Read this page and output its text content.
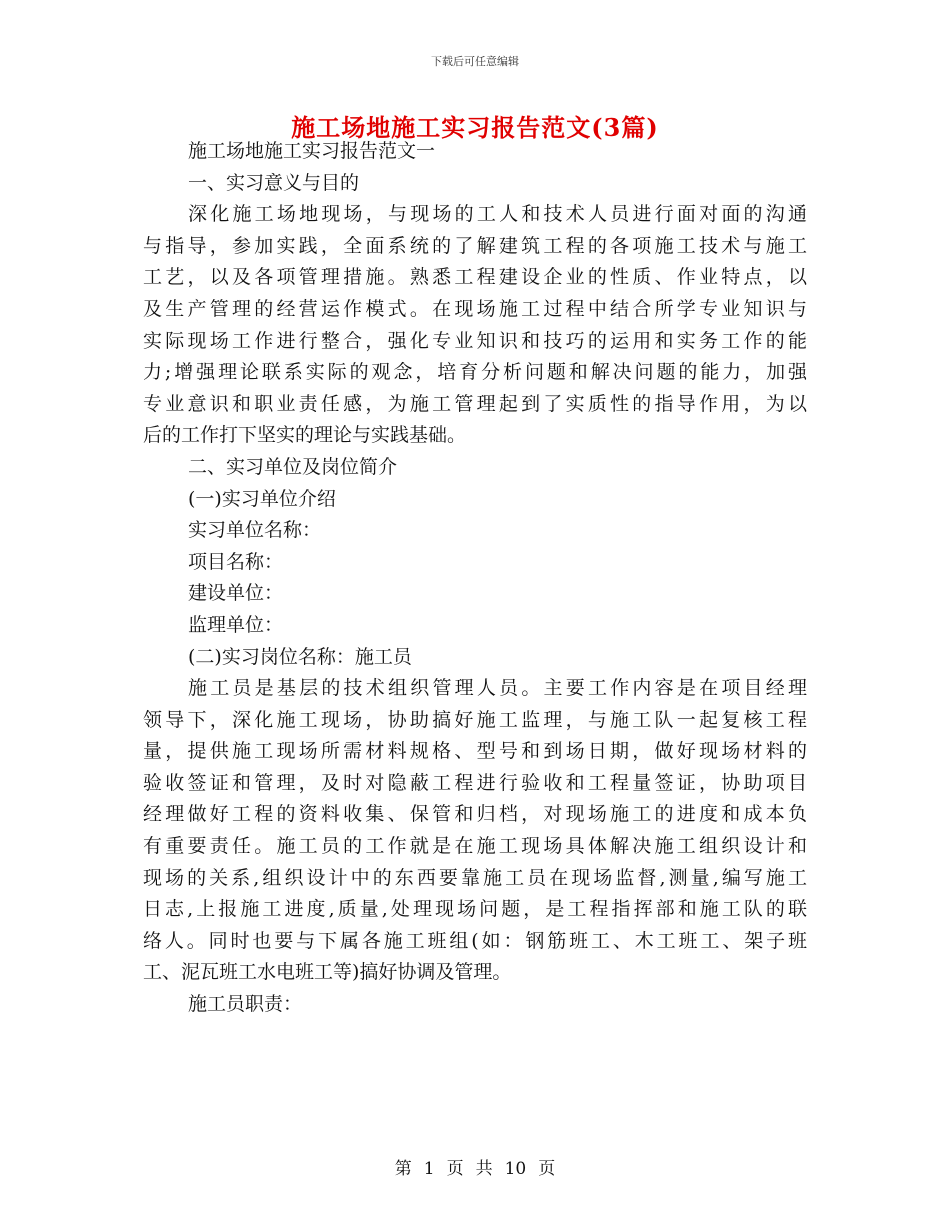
下载后可任意编辑
施工场地施工实习报告范文(3篇)
施工场地施工实习报告范文一
一、实习意义与目的
深化施工场地现场，与现场的工人和技术人员进行面对面的沟通
与指导，参加实践，全面系统的了解建筑工程的各项施工技术与施工
工艺，以及各项管理措施。熟悉工程建设企业的性质、作业特点，以
及生产管理的经营运作模式。在现场施工过程中结合所学专业知识与
实际现场工作进行整合，强化专业知识和技巧的运用和实务工作的能
力;增强理论联系实际的观念，培育分析问题和解决问题的能力，加强
专业意识和职业责任感，为施工管理起到了实质性的指导作用，为以
后的工作打下坚实的理论与实践基础。
二、实习单位及岗位简介
(一)实习单位介绍
实习单位名称：
项目名称：
建设单位：
监理单位：
(二)实习岗位名称：施工员
施工员是基层的技术组织管理人员。主要工作内容是在项目经理
领导下，深化施工现场，协助搞好施工监理，与施工队一起复核工程
量，提供施工现场所需材料规格、型号和到场日期，做好现场材料的
验收签证和管理，及时对隐蔽工程进行验收和工程量签证，协助项目
经理做好工程的资料收集、保管和归档，对现场施工的进度和成本负
有重要责任。施工员的工作就是在施工现场具体解决施工组织设计和
现场的关系,组织设计中的东西要靠施工员在现场监督,测量,编写施工
日志,上报施工进度,质量,处理现场问题，是工程指挥部和施工队的联
络人。同时也要与下属各施工班组(如：钢筋班工、木工班工、架子班
工、泥瓦班工水电班工等)搞好协调及管理。
施工员职责：
第 1 页 共 10 页
